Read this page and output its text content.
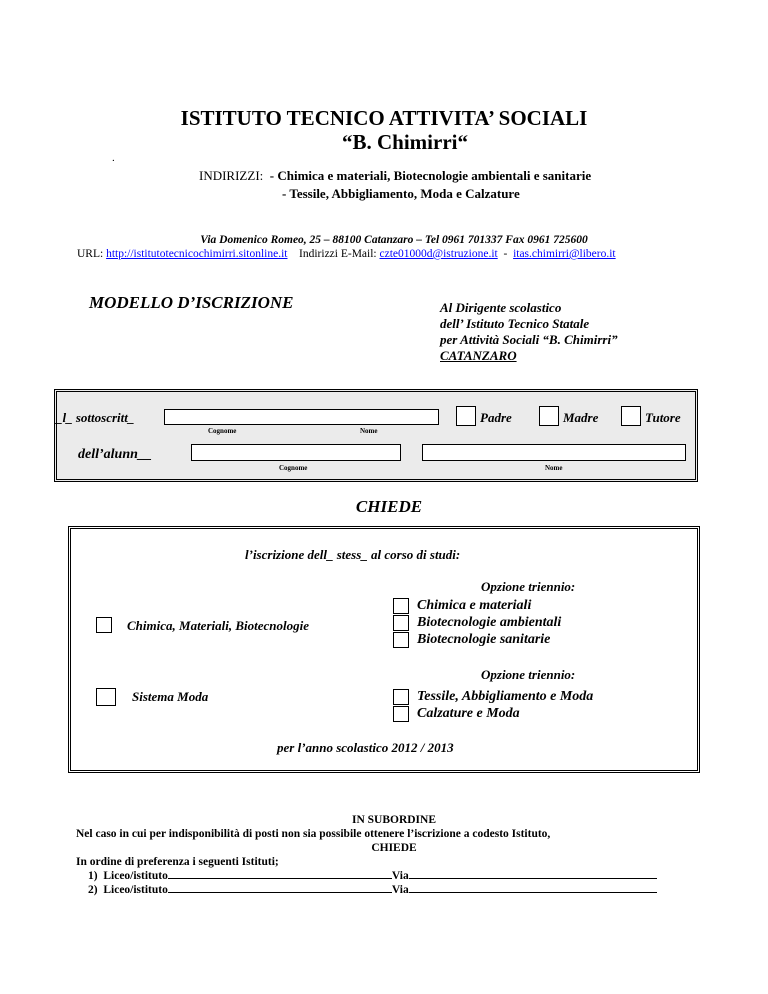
ISTITUTO TECNICO ATTIVITA’ SOCIALI
“B. Chimirri“
.
INDIRIZZI: - Chimica e materiali, Biotecnologie ambientali e sanitarie
- Tessile, Abbigliamento, Moda e Calzature
Via Domenico Romeo, 25 – 88100 Catanzaro – Tel 0961 701337 Fax 0961 725600
URL: http://istitutotecnicochimirri.sitonline.it Indirizzi E-Mail: czte01000d@istruzione.it - itas.chimirri@libero.it
MODELLO D’ISCRIZIONE	Al Dirigente scolastico
dell’ Istituto Tecnico Statale
per Attività Sociali “B. Chimirri”
CATANZARO
_l_ sottoscritt_
Cognome	Nome
Padre	Madre	Tutore
dell’alunn__
Cognome	Nome
CHIEDE
l’iscrizione dell_ stess_ al corso di studi:
Opzione triennio:
Chimica, Materiali, Biotecnologie
Chimica e materiali
Biotecnologie ambientali
Biotecnologie sanitarie
Opzione triennio:
Sistema Moda	Tessile, Abbigliamento e Moda
Calzature e Moda
per l’anno scolastico 2012 / 2013
IN SUBORDINE
Nel caso in cui per indisponibilità di posti non sia possibile ottenere l’iscrizione a codesto Istituto,
CHIEDE
In ordine di preferenza i seguenti Istituti;
1) Liceo/istituto	Via
2) Liceo/istituto	Via
